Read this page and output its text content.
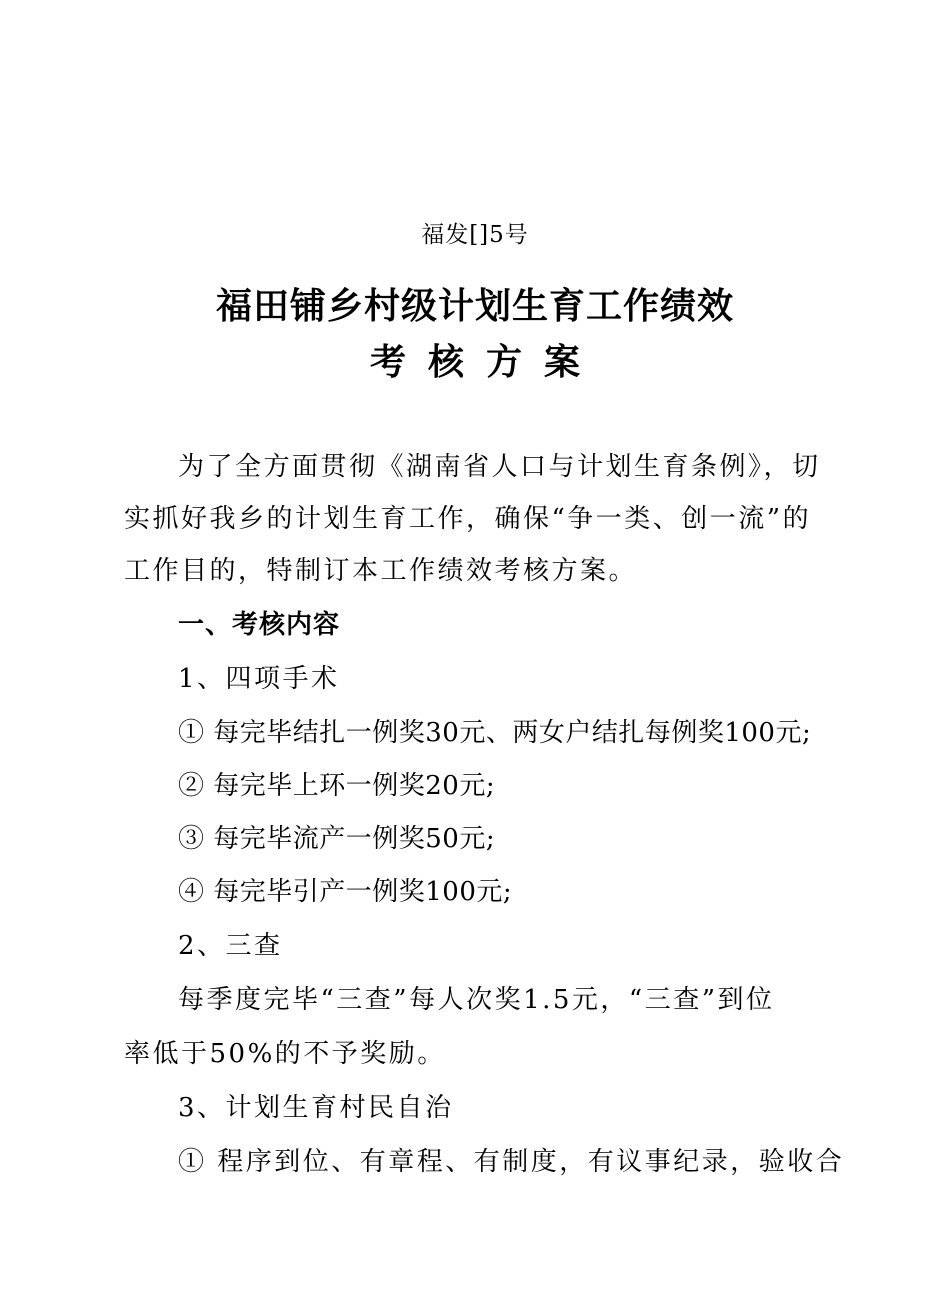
福发[]5号
福田铺乡村级计划生育工作绩效
考核方案
为了全方面贯彻《湖南省人口与计划生育条例》，切
实抓好我乡的计划生育工作，确保“争一类、创一流”的
工作目的，特制订本工作绩效考核方案。
一、考核内容
1、四项手术
① 每完毕结扎一例奖30元、两女户结扎每例奖100元;
② 每完毕上环一例奖20元;
③ 每完毕流产一例奖50元;
④ 每完毕引产一例奖100元;
2、三查
每季度完毕“三查”每人次奖1.5元，“三查”到位
率低于50%的不予奖励。
3、计划生育村民自治
① 程序到位、有章程、有制度，有议事纪录，验收合
